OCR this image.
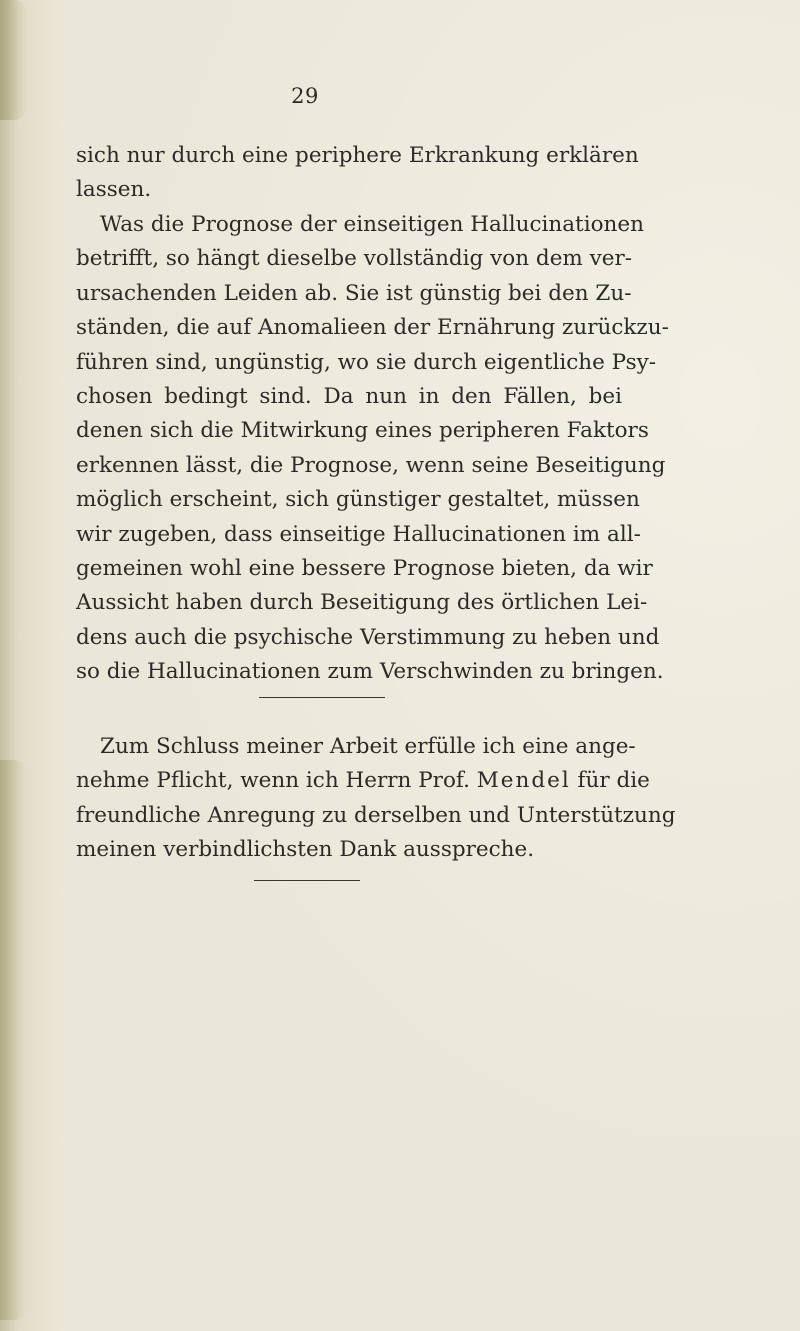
29
sich nur durch eine periphere Erkrankung erklären
lassen.
Was die Prognose der einseitigen Hallucinationen
betrifft, so hängt dieselbe vollständig von dem ver-
ursachenden Leiden ab. Sie ist günstig bei den Zu-
ständen, die auf Anomalieen der Ernährung zurückzu-
führen sind, ungünstig, wo sie durch eigentliche Psy-
chosen bedingt sind. Da nun in den Fällen, bei
denen sich die Mitwirkung eines peripheren Faktors
erkennen lässt, die Prognose, wenn seine Beseitigung
möglich erscheint, sich günstiger gestaltet, müssen
wir zugeben, dass einseitige Hallucinationen im all-
gemeinen wohl eine bessere Prognose bieten, da wir
Aussicht haben durch Beseitigung des örtlichen Lei-
dens auch die psychische Verstimmung zu heben und
so die Hallucinationen zum Verschwinden zu bringen.
Zum Schluss meiner Arbeit erfülle ich eine ange-
nehme Pflicht, wenn ich Herrn Prof. Mendel für die
freundliche Anregung zu derselben und Unterstützung
meinen verbindlichsten Dank ausspreche.
